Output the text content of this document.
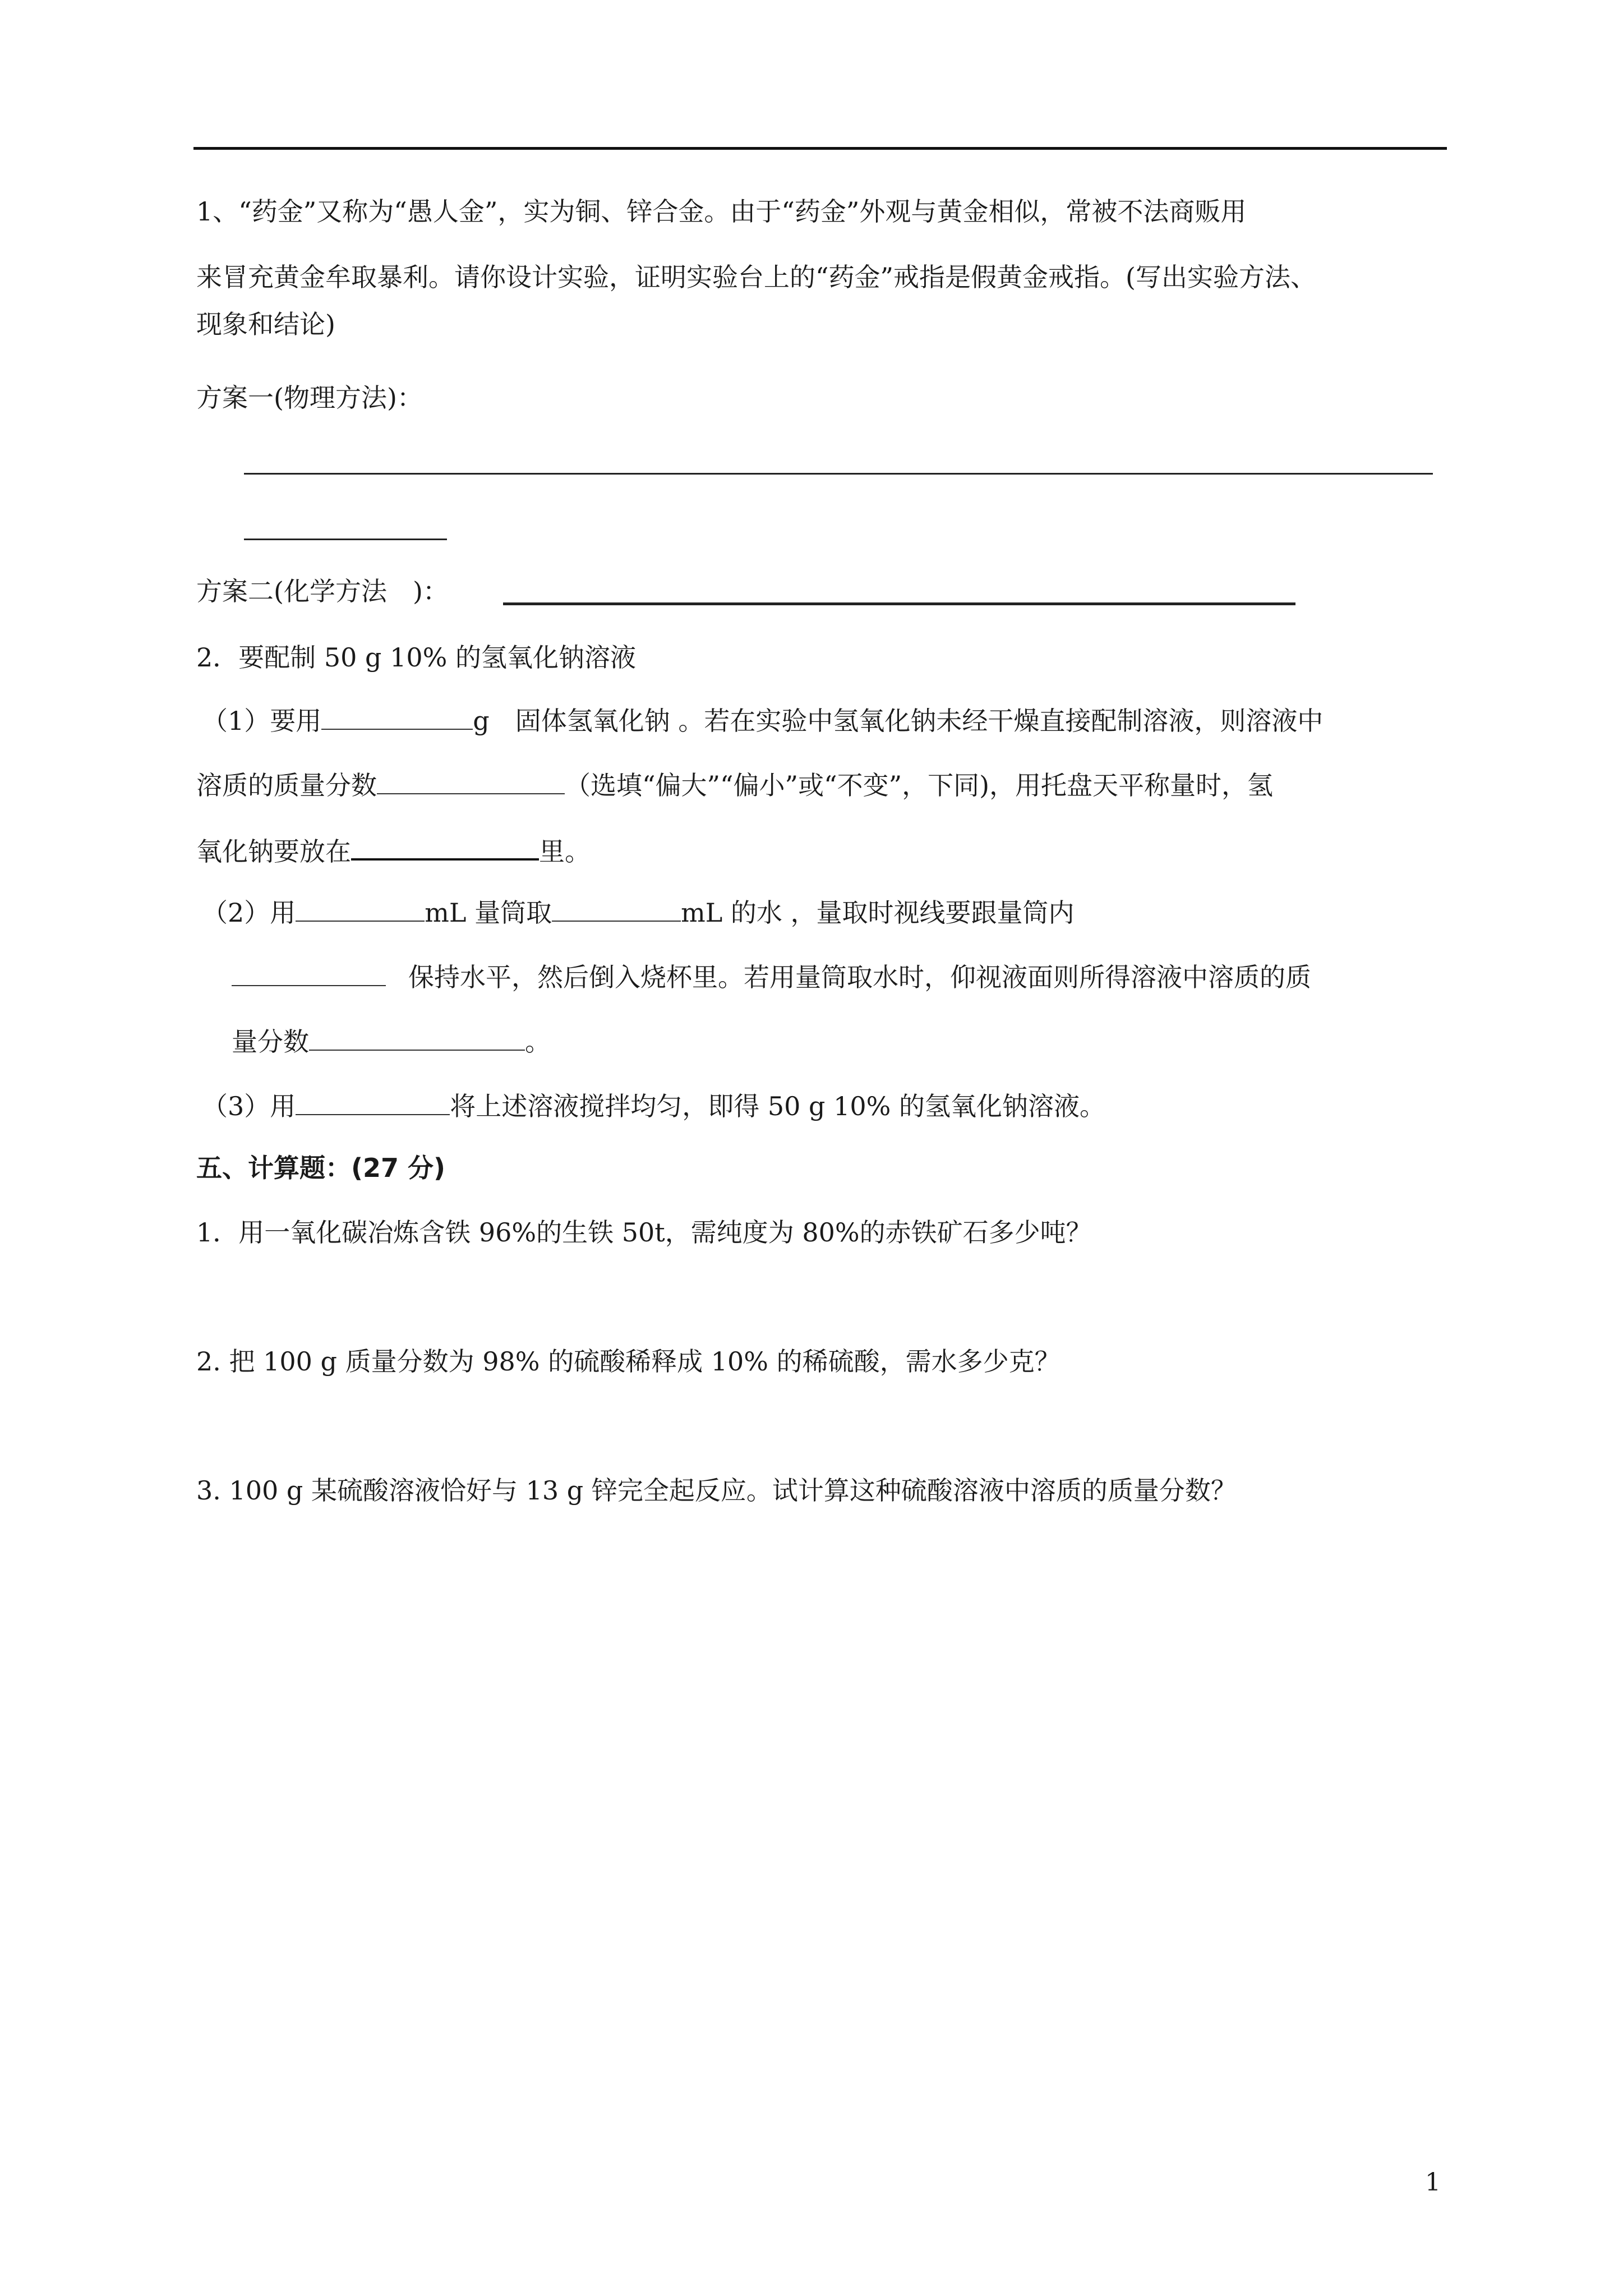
1、“药金”又称为“愚人金”，实为铜、锌合金。由于“药金”外观与黄金相似，常被不法商贩用
来冒充黄金牟取暴利。请你设计实验，证明实验台上的“药金”戒指是假黄金戒指。(写出实验方法、
现象和结论)
方案一(物理方法)：
方案二(化学方法　)：
2．要配制 50 g 10% 的氢氧化钠溶液
（1）要用	g　固体氢氧化钠 。若在实验中氢氧化钠未经干燥直接配制溶液，则溶液中
溶质的质量分数	（选填“偏大”“偏小”或“不变”，下同)，用托盘天平称量时，氢
氧化钠要放在	里。
（2）用	mL 量筒取	mL 的水 ，量取时视线要跟量筒内
保持水平，然后倒入烧杯里。若用量筒取水时，仰视液面则所得溶液中溶质的质
量分数	。
（3）用	将上述溶液搅拌均匀，即得 50 g 10% 的氢氧化钠溶液。
五、计算题：(27 分)
1．用一氧化碳冶炼含铁 96%的生铁 50t，需纯度为 80%的赤铁矿石多少吨？
2. 把 100 g 质量分数为 98% 的硫酸稀释成 10% 的稀硫酸，需水多少克？
3. 100 g 某硫酸溶液恰好与 13 g 锌完全起反应。试计算这种硫酸溶液中溶质的质量分数？
1
